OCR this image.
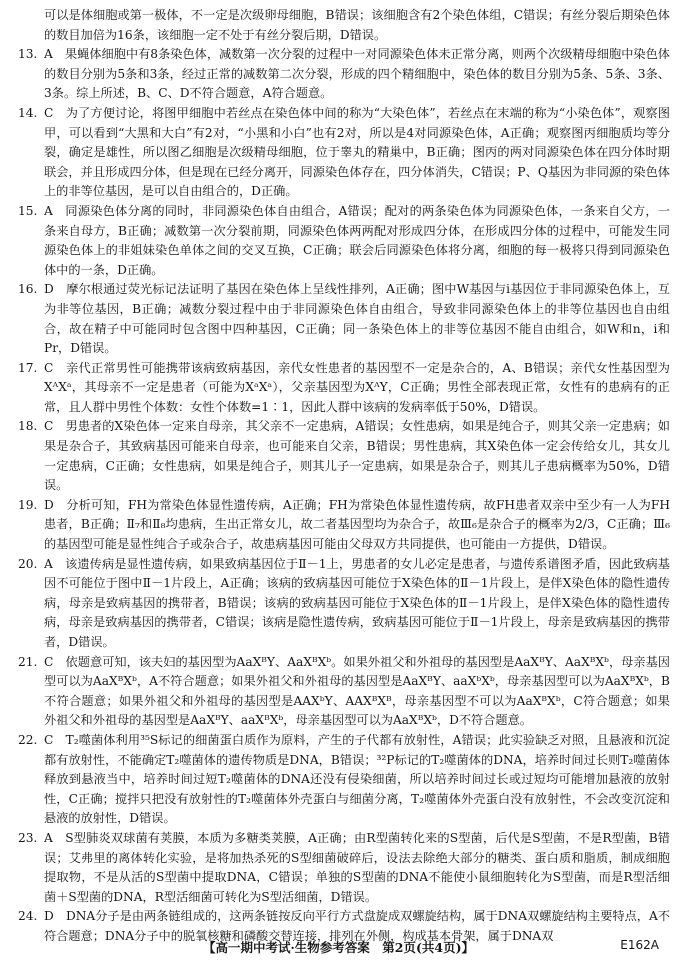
可以是体细胞或第一极体，不一定是次级卵母细胞，B错误；该细胞含有2个染色体组，C错误；有丝分裂后期染色体的数目加倍为16条，该细胞一定不处于有丝分裂后期，D错误。

13. A　果蝇体细胞中有8条染色体，减数第一次分裂的过程中一对同源染色体未正常分离，则两个次级精母细胞中染色体的数目分别为5条和3条，经过正常的减数第二次分裂，形成的四个精细胞中，染色体的数目分别为5条、5条、3条、3条。综上所述，B、C、D不符合题意，A符合题意。

14. C　为了方便讨论，将图甲细胞中若丝点在染色体中间的称为“大染色体”，若丝点在末端的称为“小染色体”，观察图甲，可以看到“大黑和大白”有2对，“小黑和小白”也有2对，所以是4对同源染色体，A正确；观察图丙细胞质均等分裂，确定是雄性，所以图乙细胞是次级精母细胞，位于睾丸的精巢中，B正确；图丙的两对同源染色体在四分体时期联会，并且形成四分体，但是现在已经分离开，同源染色体存在，四分体消失，C错误；P、Q基因为非同源的染色体上的非等位基因，是可以自由组合的，D正确。

15. A　同源染色体分离的同时，非同源染色体自由组合，A错误；配对的两条染色体为同源染色体，一条来自父方，一条来自母方，B正确；减数第一次分裂前期，同源染色体两两配对形成四分体，在形成四分体的过程中，可能发生同源染色体上的非姐妹染色单体之间的交叉互换，C正确；联会后同源染色体将分离，细胞的每一极将只得到同源染色体中的一条，D正确。

16. D　摩尔根通过荧光标记法证明了基因在染色体上呈线性排列，A正确；图中W基因与i基因位于非同源染色体上，互为非等位基因，B正确；减数分裂过程中由于非同源染色体自由组合，导致非同源染色体上的非等位基因也自由组合，故在精子中可能同时包含图中四种基因，C正确；同一条染色体上的非等位基因不能自由组合，如W和n，i和Pr，D错误。

17. C　亲代正常男性可能携带该病致病基因，亲代女性患者的基因型不一定是杂合的，A、B错误；亲代女性基因型为XᴬXᵃ，其母亲不一定是患者（可能为XᵃXᵃ），父亲基因型为XᴬY，C正确；男性全部表现正常，女性有的患病有的正常，且人群中男性个体数：女性个体数=1∶1，因此人群中该病的发病率低于50%，D错误。

18. C　男患者的X染色体一定来自母亲，其父亲不一定患病，A错误；女性患病，如果是纯合子，则其父亲一定患病；如果是杂合子，其致病基因可能来自母亲，也可能来自父亲，B错误；男性患病，其X染色体一定会传给女儿，其女儿一定患病，C正确；女性患病，如果是纯合子，则其儿子一定患病，如果是杂合子，则其儿子患病概率为50%，D错误。

19. D　分析可知，FH为常染色体显性遗传病，A正确；FH为常染色体显性遗传病，故FH患者双亲中至少有一人为FH患者，B正确；Ⅱ₇和Ⅱ₈均患病，生出正常女儿，故二者基因型均为杂合子，故Ⅲ₆是杂合子的概率为2/3，C正确；Ⅲ₆的基因型可能是显性纯合子或杂合子，故患病基因可能由父母双方共同提供，也可能由一方提供，D错误。

20. A　该遗传病是显性遗传病，如果致病基因位于Ⅱ－1上，男患者的女儿必定是患者，与遗传系谱图矛盾，因此致病基因不可能位于图中Ⅱ－1片段上，A正确；该病的致病基因可能位于X染色体的Ⅱ－1片段上，是伴X染色体的隐性遗传病，母亲是致病基因的携带者，B错误；该病的致病基因可能位于X染色体的Ⅱ－1片段上，是伴X染色体的隐性遗传病，母亲是致病基因的携带者，C错误；该病是隐性遗传病，致病基因可能位于Ⅱ－1片段上，母亲是致病基因的携带者，D错误。

21. C　依题意可知，该夫妇的基因型为AaXᴮY、AaXᴮXᵇ。如果外祖父和外祖母的基因型是AaXᴮY、AaXᴮXᵇ，母亲基因型可以为AaXᴮXᵇ，A不符合题意；如果外祖父和外祖母的基因型是AaXᴮY、aaXᵇXᵇ，母亲基因型可以为AaXᴮXᵇ，B不符合题意；如果外祖父和外祖母的基因型是AAXᵇY、AAXᴮXᴮ，母亲基因型不可以为AaXᴮXᵇ，C符合题意；如果外祖父和外祖母的基因型是AaXᴮY、aaXᴮXᵇ，母亲基因型可以为AaXᴮXᵇ，D不符合题意。

22. C　T₂噬菌体利用³⁵S标记的细菌蛋白质作为原料，产生的子代都有放射性，A错误；此实验缺乏对照，且悬液和沉淀都有放射性，不能确定T₂噬菌体的遗传物质是DNA，B错误；³²P标记的T₂噬菌体的DNA，培养时间过长则T₂噬菌体释放到悬液当中，培养时间过短T₂噬菌体的DNA还没有侵染细菌，所以培养时间过长或过短均可能增加悬液的放射性，C正确；搅拌只把没有放射性的T₂噬菌体外壳蛋白与细菌分离，T₂噬菌体外壳蛋白没有放射性，不会改变沉淀和悬液的放射性，D错误。

23. A　S型肺炎双球菌有荚膜，本质为多糖类荚膜，A正确；由R型菌转化来的S型菌，后代是S型菌，不是R型菌，B错误；艾弗里的离体转化实验，是将加热杀死的S型细菌破碎后，设法去除绝大部分的糖类、蛋白质和脂质，制成细胞提取物，不是从活的S型菌中提取DNA，C错误；单独的S型菌的DNA不能使小鼠细胞转化为S型菌，而是R型活细菌＋S型菌的DNA，R型活细菌可转化为S型活细菌，D错误。

24. D　DNA分子是由两条链组成的，这两条链按反向平行方式盘旋成双螺旋结构，属于DNA双螺旋结构主要特点，A不符合题意；DNA分子中的脱氧核糖和磷酸交替连接，排列在外侧，构成基本骨架，属于DNA双

【高一期中考试·生物参考答案　第2页(共4页)】	E162A
